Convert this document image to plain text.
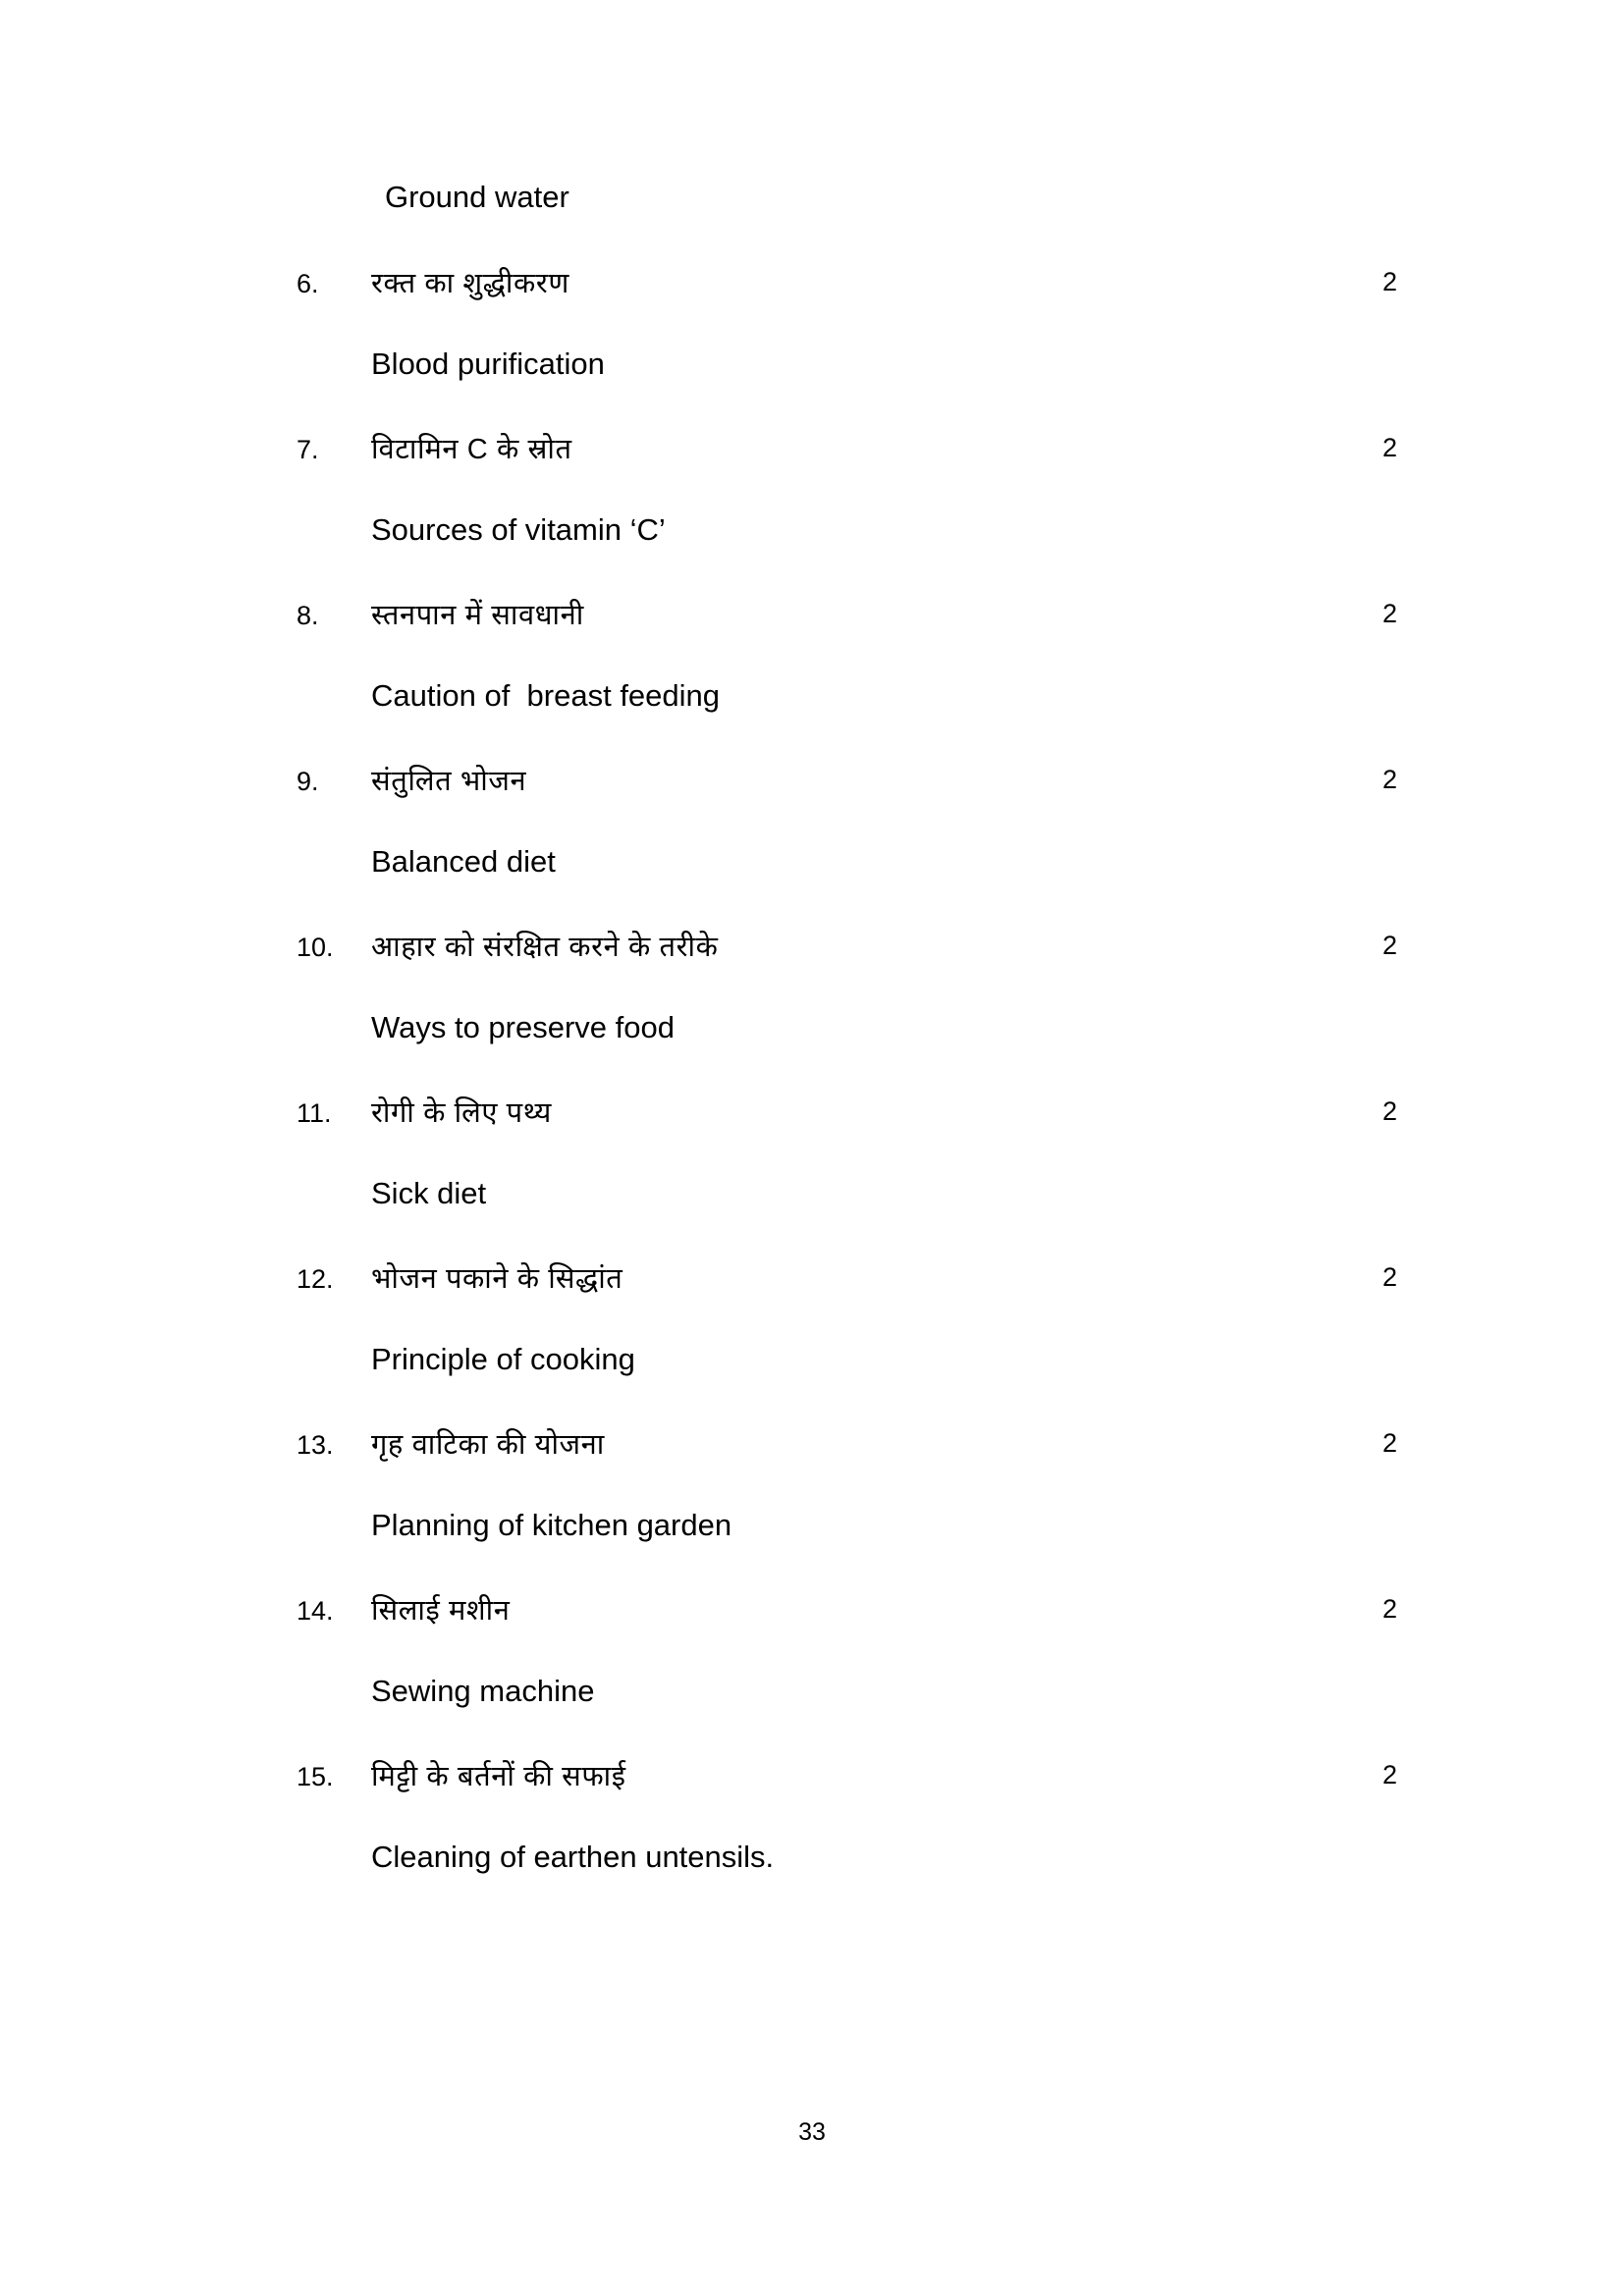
Ground water
6.	रक्त का शुद्धीकरण	2
Blood purification
7.	विटामिन C के स्रोत	2
Sources of vitamin ‘C’
8.	स्तनपान में सावधानी	2
Caution of  breast feeding
9.	संतुलित भोजन	2
Balanced diet
10.	आहार को संरक्षित करने के तरीके	2
Ways to preserve food
11.	रोगी के लिए पथ्य	2
Sick diet
12.	भोजन पकाने के सिद्धांत	2
Principle of cooking
13.	गृह वाटिका की योजना	2
Planning of kitchen garden
14.	सिलाई मशीन	2
Sewing machine
15.	मिट्टी के बर्तनों की सफाई	2
Cleaning of earthen untensils.
33
